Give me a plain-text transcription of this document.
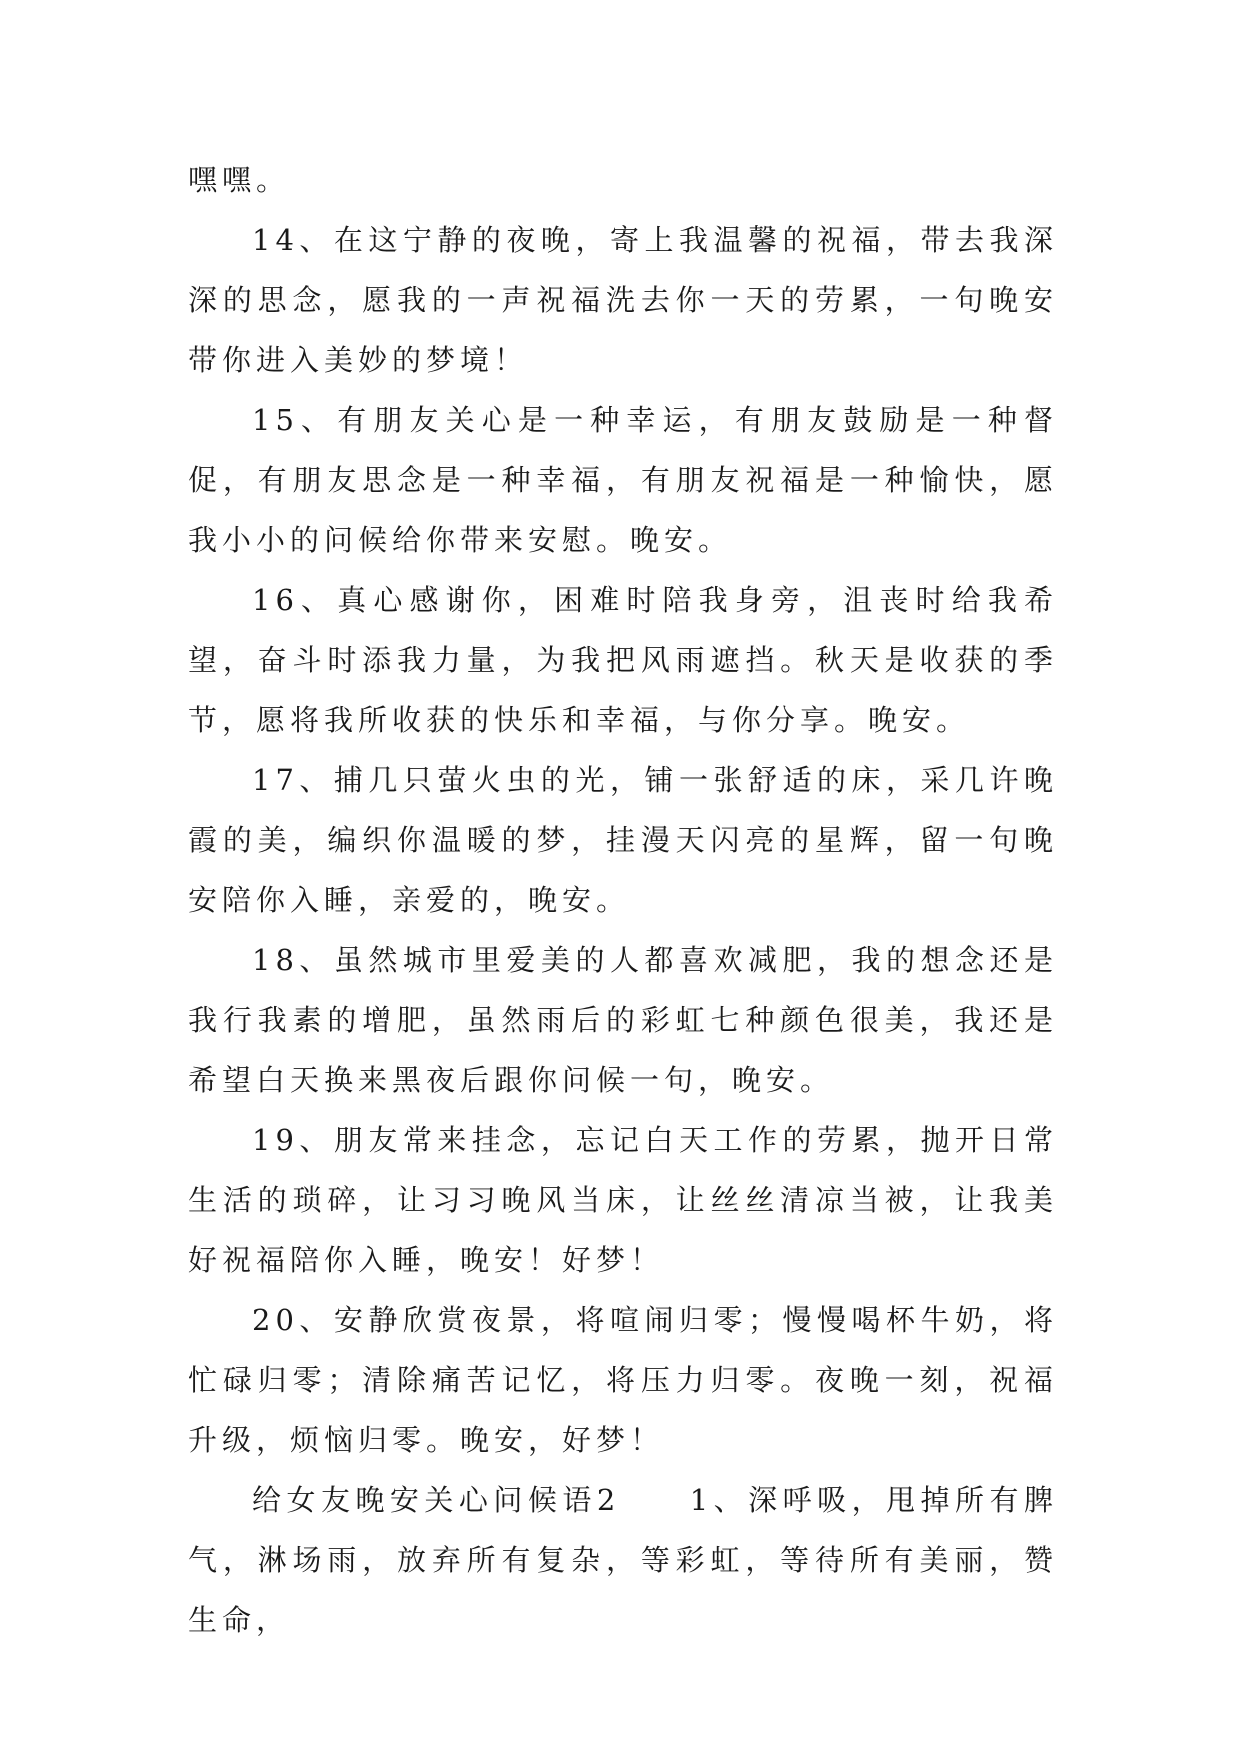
嘿嘿。

14、在这宁静的夜晚，寄上我温馨的祝福，带去我深深的思念，愿我的一声祝福洗去你一天的劳累，一句晚安带你进入美妙的梦境！

15、有朋友关心是一种幸运，有朋友鼓励是一种督促，有朋友思念是一种幸福，有朋友祝福是一种愉快，愿我小小的问候给你带来安慰。晚安。

16、真心感谢你，困难时陪我身旁，沮丧时给我希望，奋斗时添我力量，为我把风雨遮挡。秋天是收获的季节，愿将我所收获的快乐和幸福，与你分享。晚安。

17、捕几只萤火虫的光，铺一张舒适的床，采几许晚霞的美，编织你温暖的梦，挂漫天闪亮的星辉，留一句晚安陪你入睡，亲爱的，晚安。

18、虽然城市里爱美的人都喜欢减肥，我的想念还是我行我素的增肥，虽然雨后的彩虹七种颜色很美，我还是希望白天换来黑夜后跟你问候一句，晚安。

19、朋友常来挂念，忘记白天工作的劳累，抛开日常生活的琐碎，让习习晚风当床，让丝丝清凉当被，让我美好祝福陪你入睡，晚安！好梦！

20、安静欣赏夜景，将喧闹归零；慢慢喝杯牛奶，将忙碌归零；清除痛苦记忆，将压力归零。夜晚一刻，祝福升级，烦恼归零。晚安，好梦！

给女友晚安关心问候语2　　1、深呼吸，甩掉所有脾气，淋场雨，放弃所有复杂，等彩虹，等待所有美丽，赞生命，
